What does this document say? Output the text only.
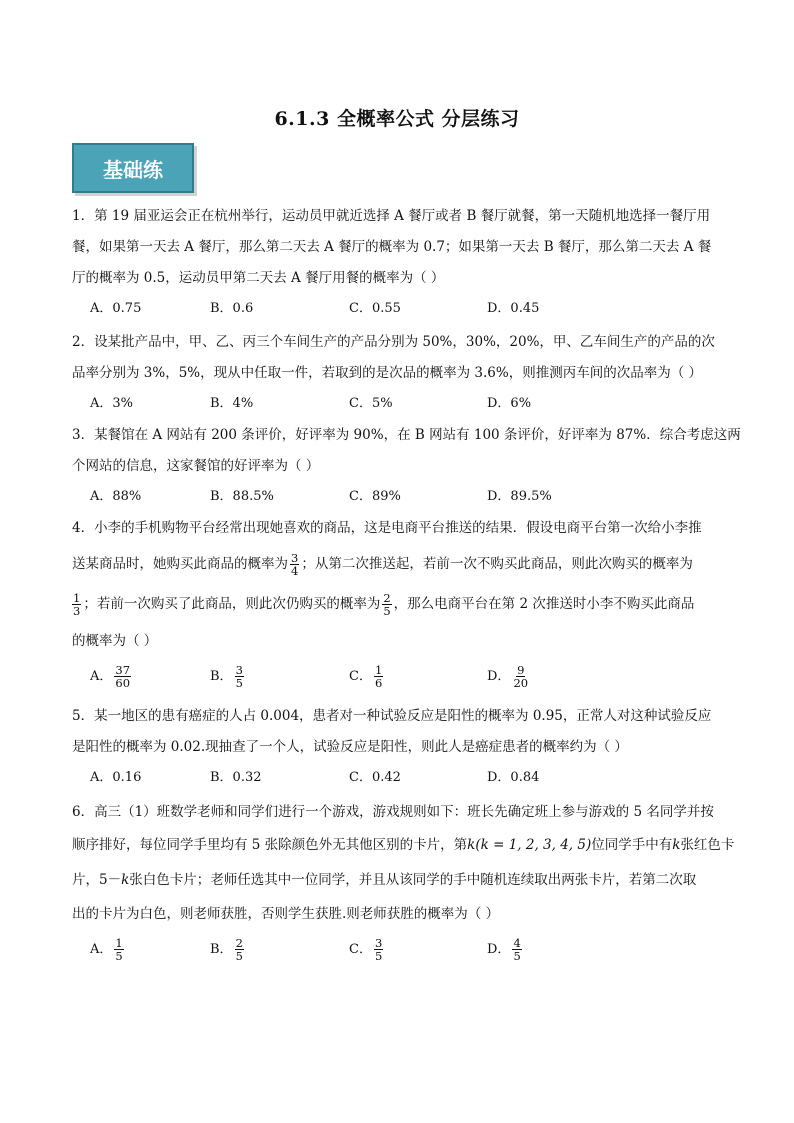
6.1.3 全概率公式 分层练习
基础练
1．第 19 届亚运会正在杭州举行，运动员甲就近选择 A 餐厅或者 B 餐厅就餐，第一天随机地选择一餐厅用
餐，如果第一天去 A 餐厅，那么第二天去 A 餐厅的概率为 0.7；如果第一天去 B 餐厅，那么第二天去 A 餐
厅的概率为 0.5，运动员甲第二天去 A 餐厅用餐的概率为（ ）
A．0.75	B．0.6	C．0.55	D．0.45
2．设某批产品中，甲、乙、丙三个车间生产的产品分别为 50%，30%，20%，甲、乙车间生产的产品的次
品率分别为 3%，5%，现从中任取一件，若取到的是次品的概率为 3.6%，则推测丙车间的次品率为（ ）
A．3%	B．4%	C．5%	D．6%
3．某餐馆在 A 网站有 200 条评价，好评率为 90%，在 B 网站有 100 条评价，好评率为 87%．综合考虑这两
个网站的信息，这家餐馆的好评率为（ ）
A．88%	B．88.5%	C．89%	D．89.5%
4．小李的手机购物平台经常出现她喜欢的商品，这是电商平台推送的结果．假设电商平台第一次给小李推
送某商品时，她购买此商品的概率为 $\frac{3}{4}$ ；从第二次推送起，若前一次不购买此商品，则此次购买的概率为
$\frac{1}{3}$ ；若前一次购买了此商品，则此次仍购买的概率为 $\frac{2}{5}$ ，那么电商平台在第 2 次推送时小李不购买此商品
的概率为（ ）
A． $\frac{37}{60}$	B． $\frac{3}{5}$	C． $\frac{1}{6}$	D． $\frac{9}{20}$
5．某一地区的患有癌症的人占 0.004，患者对一种试验反应是阳性的概率为 0.95，正常人对这种试验反应
是阳性的概率为 0.02.现抽查了一个人，试验反应是阳性，则此人是癌症患者的概率约为（ ）
A．0.16	B．0.32	C．0.42	D．0.84
6．高三（1）班数学老师和同学们进行一个游戏，游戏规则如下：班长先确定班上参与游戏的 5 名同学并按
顺序排好，每位同学手里均有 5 张除颜色外无其他区别的卡片，第k(k = 1, 2, 3, 4, 5)位同学手中有k张红色卡
片，5－k张白色卡片；老师任选其中一位同学，并且从该同学的手中随机连续取出两张卡片，若第二次取
出的卡片为白色，则老师获胜，否则学生获胜.则老师获胜的概率为（ ）
A． $\frac{1}{5}$	B． $\frac{2}{5}$	C． $\frac{3}{5}$	D． $\frac{4}{5}$
